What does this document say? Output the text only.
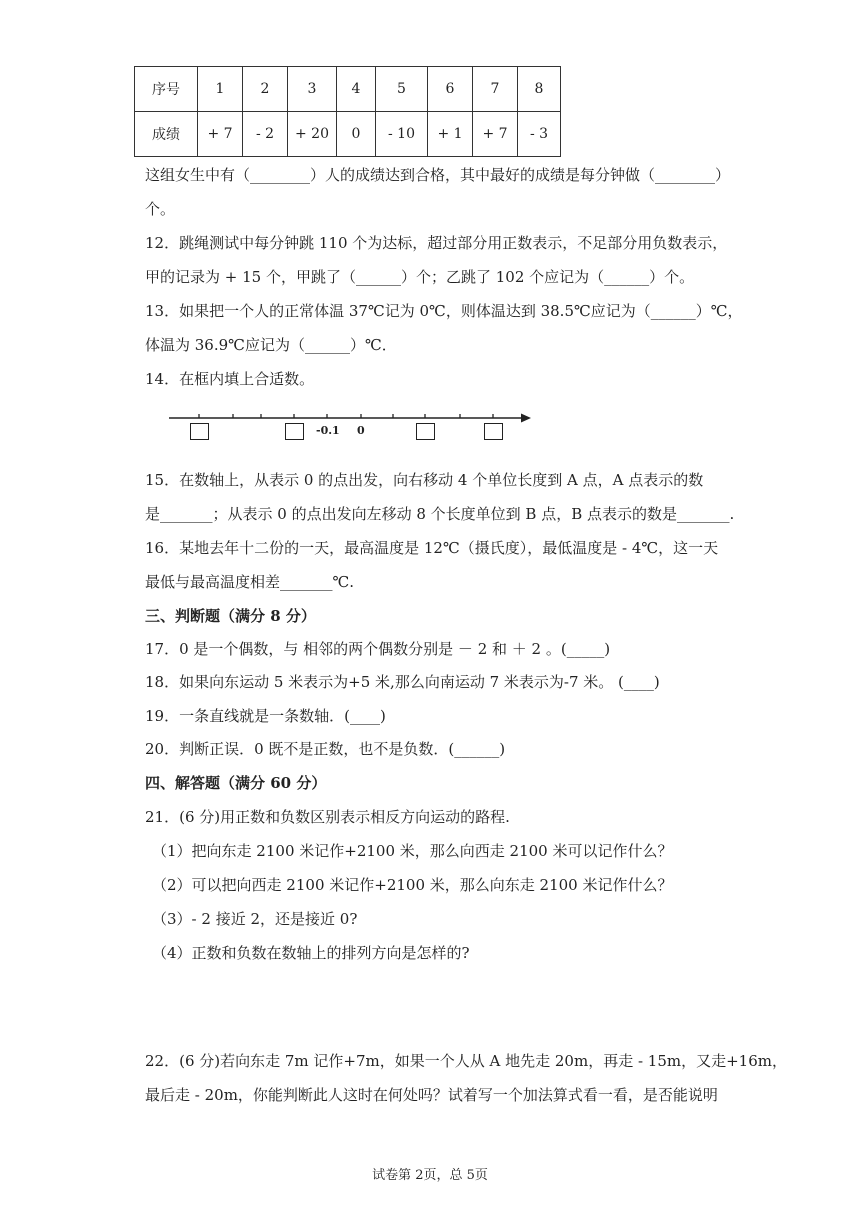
序号	1	2	3	4	5	6	7	8
成绩	+ 7	- 2	+ 20	0	- 10	+ 1	+ 7	- 3
这组女生中有（________）人的成绩达到合格，其中最好的成绩是每分钟做（________）
个。
12．跳绳测试中每分钟跳 110 个为达标，超过部分用正数表示，不足部分用负数表示，
甲的记录为 + 15 个，甲跳了（______）个；乙跳了 102 个应记为（______）个。
13．如果把一个人的正常体温 37℃记为 0℃，则体温达到 38.5℃应记为（______）℃，
体温为 36.9℃应记为（______）℃．
14．在框内填上合适数。
-0.1 0
15．在数轴上，从表示 0 的点出发，向右移动 4 个单位长度到 A 点，A 点表示的数
是_______；从表示 0 的点出发向左移动 8 个长度单位到 B 点，B 点表示的数是_______.
16．某地去年十二份的一天，最高温度是 12℃（摄氏度），最低温度是 - 4℃，这一天
最低与最高温度相差_______℃.
三、判断题（满分 8 分）
17．0 是一个偶数，与 相邻的两个偶数分别是 － 2 和 ＋ 2 。(_____)
18．如果向东运动 5 米表示为+5 米,那么向南运动 7 米表示为-7 米。 (____)
19．一条直线就是一条数轴．(____)
20．判断正误．0 既不是正数，也不是负数．(______)
四、解答题（满分 60 分）
21．(6 分)用正数和负数区别表示相反方向运动的路程.
（1）把向东走 2100 米记作+2100 米，那么向西走 2100 米可以记作什么？
（2）可以把向西走 2100 米记作+2100 米，那么向东走 2100 米记作什么？
（3）- 2 接近 2，还是接近 0?
（4）正数和负数在数轴上的排列方向是怎样的?
22．(6 分)若向东走 7m 记作+7m，如果一个人从 A 地先走 20m，再走 - 15m，又走+16m，
最后走 - 20m，你能判断此人这时在何处吗？试着写一个加法算式看一看，是否能说明
试卷第 2页，总 5页
